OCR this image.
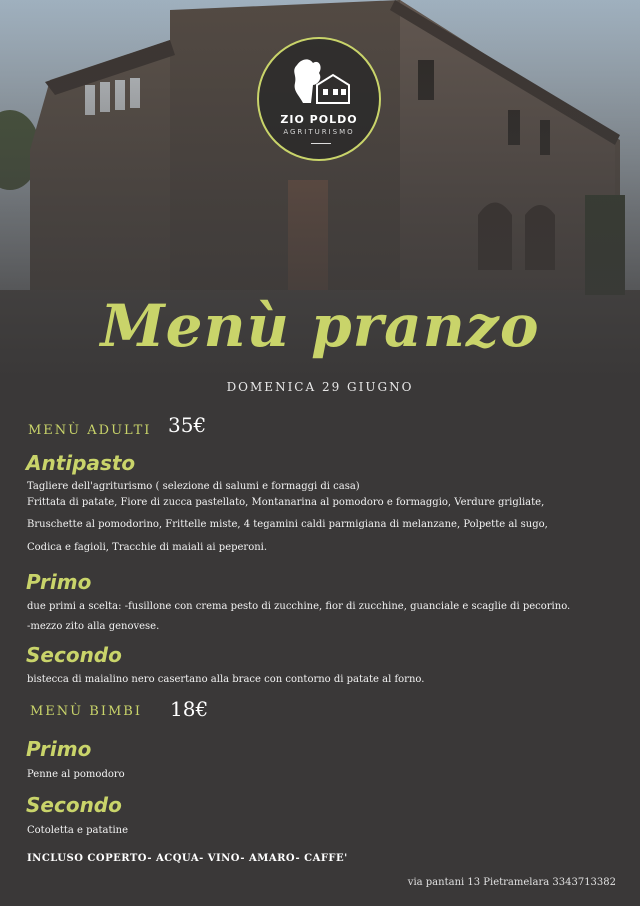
ZIO POLDO
AGRITURISMO
Menù pranzo
DOMENICA 29 GIUGNO
MENÙ ADULTI 35€
Antipasto
Tagliere dell'agriturismo ( selezione di salumi e formaggi di casa)
Frittata di patate, Fiore di zucca pastellato, Montanarina al pomodoro e formaggio, Verdure grigliate,
Bruschette al pomodorino, Frittelle miste, 4 tegamini caldi parmigiana di melanzane, Polpette al sugo,
Codica e fagioli, Tracchie di maiali ai peperoni.
Primo
due primi a scelta: -fusillone con crema pesto di zucchine, fior di zucchine, guanciale e scaglie di pecorino.
-mezzo zito alla genovese.
Secondo
bistecca di maialino nero casertano alla brace con contorno di patate al forno.
MENÙ BIMBI 18€
Primo
Penne al pomodoro
Secondo
Cotoletta e patatine
INCLUSO COPERTO- ACQUA- VINO- AMARO- CAFFE'
via pantani 13 Pietramelara 3343713382
